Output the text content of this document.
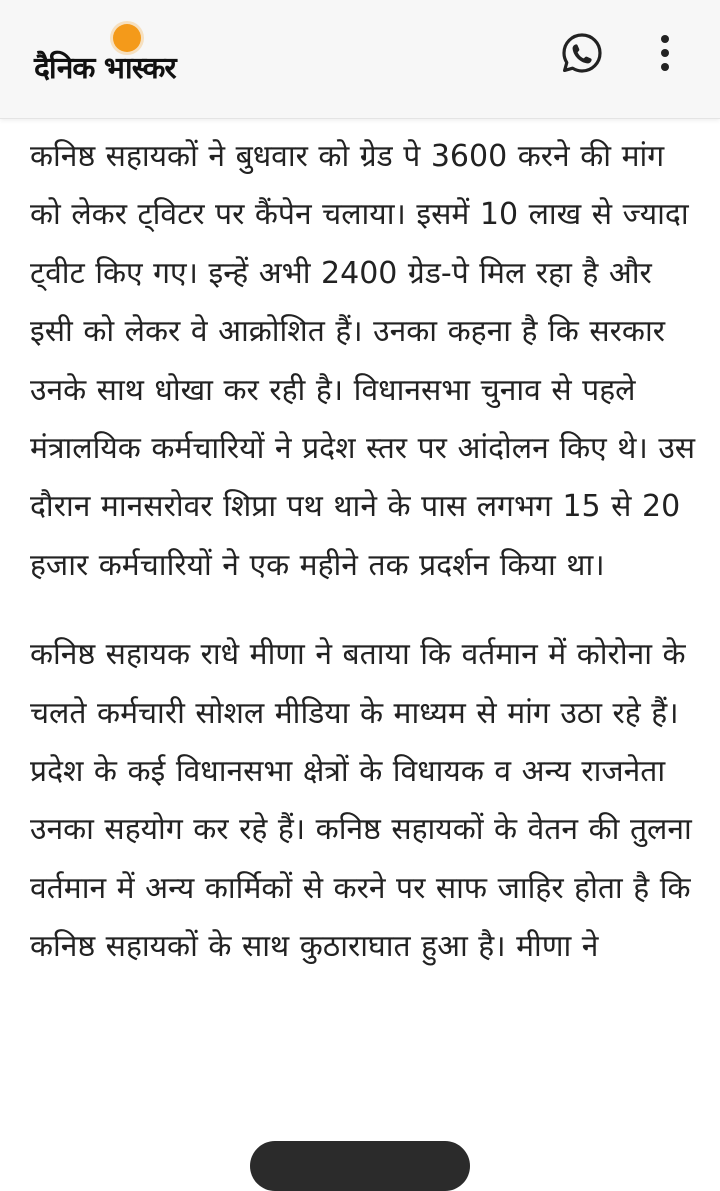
दैनिक भास्कर

कनिष्ठ सहायकों ने बुधवार को ग्रेड पे 3600 करने की मांग को लेकर ट्विटर पर कैंपेन चलाया। इसमें 10 लाख से ज्यादा ट्वीट किए गए। इन्हें अभी 2400 ग्रेड-पे मिल रहा है और इसी को लेकर वे आक्रोशित हैं। उनका कहना है कि सरकार उनके साथ धोखा कर रही है। विधानसभा चुनाव से पहले मंत्रालयिक कर्मचारियों ने प्रदेश स्तर पर आंदोलन किए थे। उस दौरान मानसरोवर शिप्रा पथ थाने के पास लगभग 15 से 20 हजार कर्मचारियों ने एक महीने तक प्रदर्शन किया था।

कनिष्ठ सहायक राधे मीणा ने बताया कि वर्तमान में कोरोना के चलते कर्मचारी सोशल मीडिया के माध्यम से मांग उठा रहे हैं। प्रदेश के कई विधानसभा क्षेत्रों के विधायक व अन्य राजनेता उनका सहयोग कर रहे हैं। कनिष्ठ सहायकों के वेतन की तुलना वर्तमान में अन्य कार्मिकों से करने पर साफ जाहिर होता है कि कनिष्ठ सहायकों के साथ कुठाराघात हुआ है। मीणा ने
